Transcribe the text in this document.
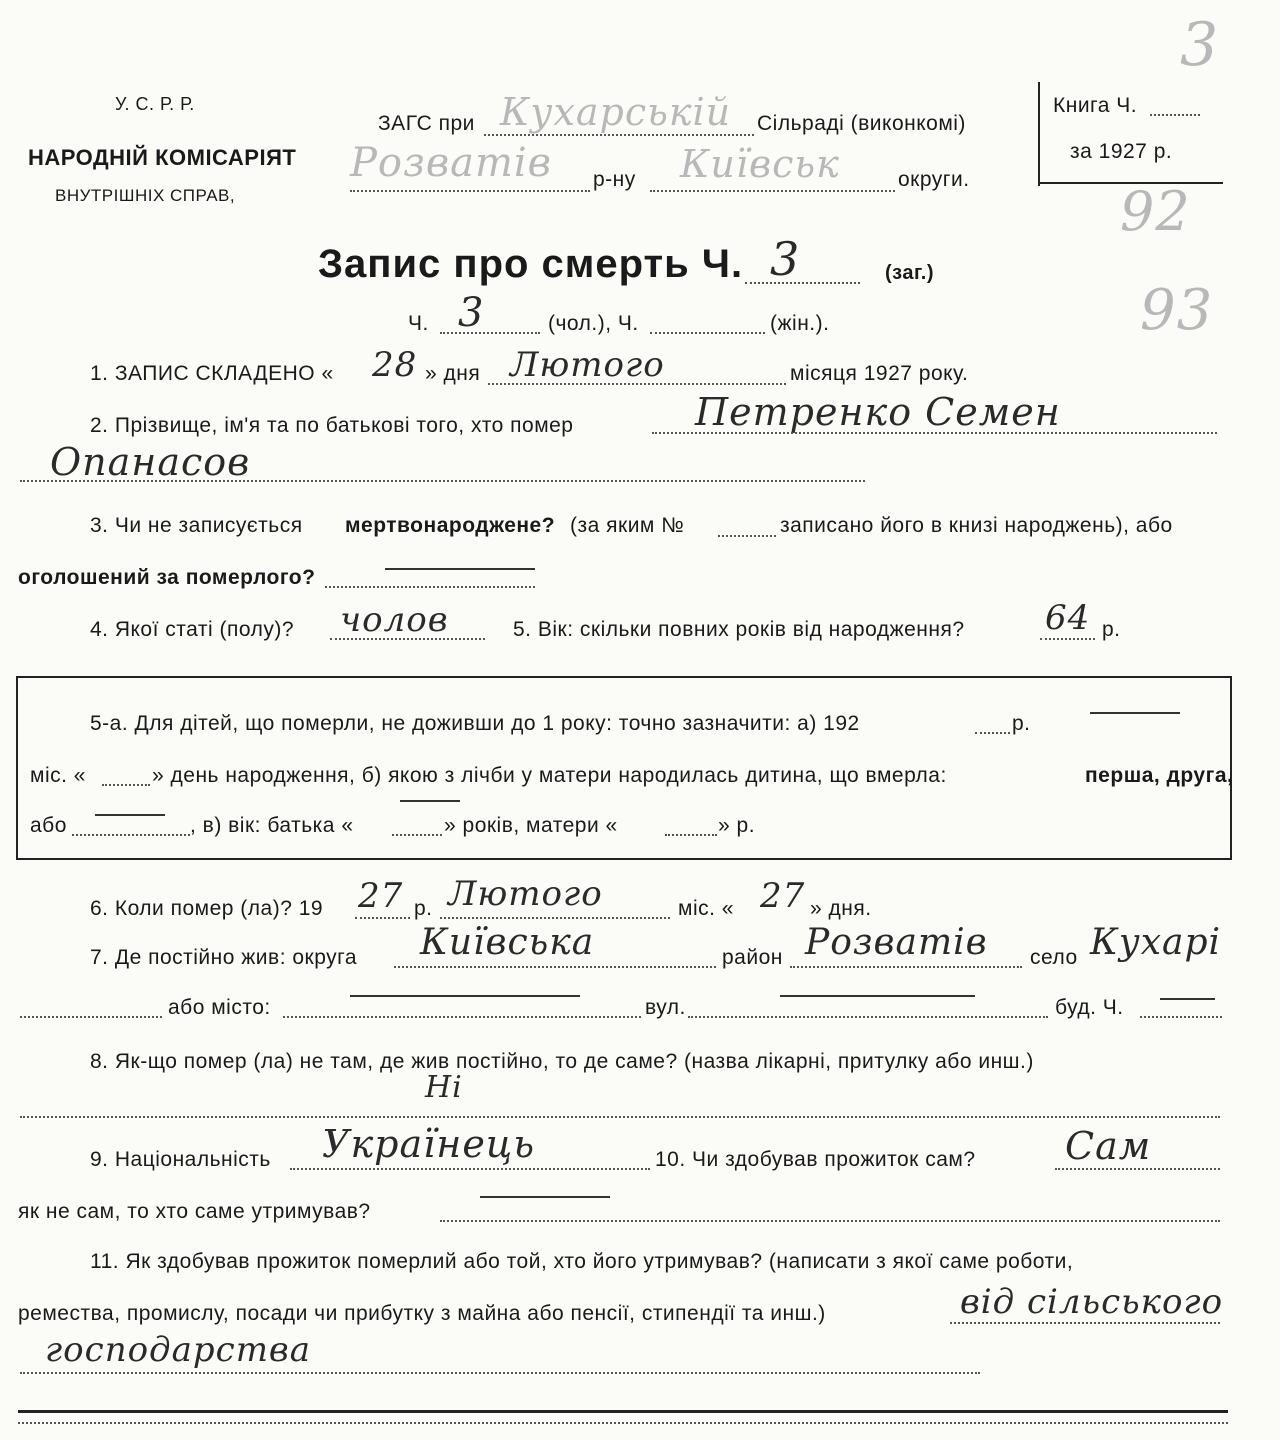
У. С. Р. Р.
НАРОДНІЙ КОМІСАРІЯТ
ВНУТРІШНІХ СПРАВ,
ЗАГС при Кухарській Сільраді (виконкомі)
Розватів р-ну Київськ	округи.
Книга Ч.
за 1927 р.
3
92
93
Запис про смерть Ч. 3	(заг.)
Ч. 3	(чол.), Ч.	(жін.).
1. ЗАПИС СКЛАДЕНО « 28 » дня Лютого	місяця 1927 року.
2. Прізвище, ім'я та по батькові того, хто помер	Петренко Семен
Опанасов
3. Чи не записується мертвонароджене? (за яким №	записано його в книзі народжень), або
оголошений за померлого?
4. Якої статі (полу)? чолов	5. Вік: скільки повних років від народження? 64 р.
5-а. Для дітей, що померли, не доживши до 1 року: точно зазначити: а) 192	р.
міс. «	» день народження, б) якою з лічби у матери народилась дитина, що вмерла:	перша, друга,
або	, в) вік: батька «	» років, матери «	» р.
6. Коли помер (ла)? 19 27 р. Лютого	міс. « 27 » дня.
7. Де постійно жив: округа Київська	район Розватів село Кухарі
або місто:	вул.	буд. Ч.
8. Як-що помер (ла) не там, де жив постійно, то де саме? (назва лікарні, притулку або инш.)
Ні
9. Національність Українець	10. Чи здобував прожиток сам? Сам
як не сам, то хто саме утримував?
11. Як здобував прожиток померлий або той, хто його утримував? (написати з якої саме роботи,
ремества, промислу, посади чи прибутку з майна або пенсії, стипендії та инш.)	від сільського
господарства
